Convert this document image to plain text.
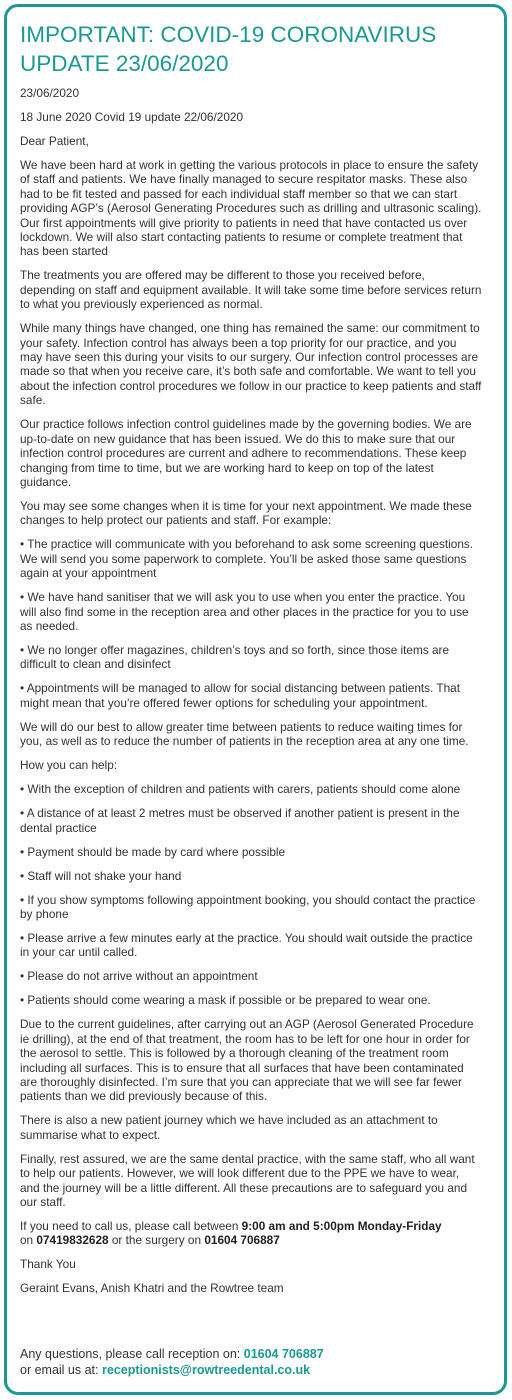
IMPORTANT: COVID-19 CORONAVIRUS UPDATE 23/06/2020

23/06/2020

18 June 2020 Covid 19 update 22/06/2020

Dear Patient,

We have been hard at work in getting the various protocols in place to ensure the safety of staff and patients. We have finally managed to secure respitator masks. These also had to be fit tested and passed for each individual staff member so that we can start providing AGP’s (Aerosol Generating Procedures such as drilling and ultrasonic scaling). Our first appointments will give priority to patients in need that have contacted us over lockdown. We will also start contacting patients to resume or complete treatment that has been started

The treatments you are offered may be different to those you received before, depending on staff and equipment available. It will take some time before services return to what you previously experienced as normal.

While many things have changed, one thing has remained the same: our commitment to your safety. Infection control has always been a top priority for our practice, and you may have seen this during your visits to our surgery. Our infection control processes are made so that when you receive care, it’s both safe and comfortable. We want to tell you about the infection control procedures we follow in our practice to keep patients and staff safe.

Our practice follows infection control guidelines made by the governing bodies. We are up-to-date on new guidance that has been issued. We do this to make sure that our infection control procedures are current and adhere to recommendations. These keep changing from time to time, but we are working hard to keep on top of the latest guidance.

You may see some changes when it is time for your next appointment. We made these changes to help protect our patients and staff. For example:

• The practice will communicate with you beforehand to ask some screening questions. We will send you some paperwork to complete. You’ll be asked those same questions again at your appointment

• We have hand sanitiser that we will ask you to use when you enter the practice. You will also find some in the reception area and other places in the practice for you to use as needed.

• We no longer offer magazines, children’s toys and so forth, since those items are difficult to clean and disinfect

• Appointments will be managed to allow for social distancing between patients. That might mean that you’re offered fewer options for scheduling your appointment.

We will do our best to allow greater time between patients to reduce waiting times for you, as well as to reduce the number of patients in the reception area at any one time.

How you can help:

• With the exception of children and patients with carers, patients should come alone

• A distance of at least 2 metres must be observed if another patient is present in the dental practice

• Payment should be made by card where possible

• Staff will not shake your hand

• If you show symptoms following appointment booking, you should contact the practice by phone

• Please arrive a few minutes early at the practice. You should wait outside the practice in your car until called.

• Please do not arrive without an appointment

• Patients should come wearing a mask if possible or be prepared to wear one.

Due to the current guidelines, after carrying out an AGP (Aerosol Generated Procedure ie drilling), at the end of that treatment, the room has to be left for one hour in order for the aerosol to settle. This is followed by a thorough cleaning of the treatment room including all surfaces. This is to ensure that all surfaces that have been contaminated are thoroughly disinfected. I’m sure that you can appreciate that we will see far fewer patients than we did previously because of this.

There is also a new patient journey which we have included as an attachment to summarise what to expect.

Finally, rest assured, we are the same dental practice, with the same staff, who all want to help our patients. However, we will look different due to the PPE we have to wear, and the journey will be a little different. All these precautions are to safeguard you and our staff.

If you need to call us, please call between 9:00 am and 5:00pm Monday-Friday
on 07419832628 or the surgery on 01604 706887

Thank You

Geraint Evans, Anish Khatri and the Rowtree team

Any questions, please call reception on: 01604 706887
or email us at: receptionists@rowtreedental.co.uk
